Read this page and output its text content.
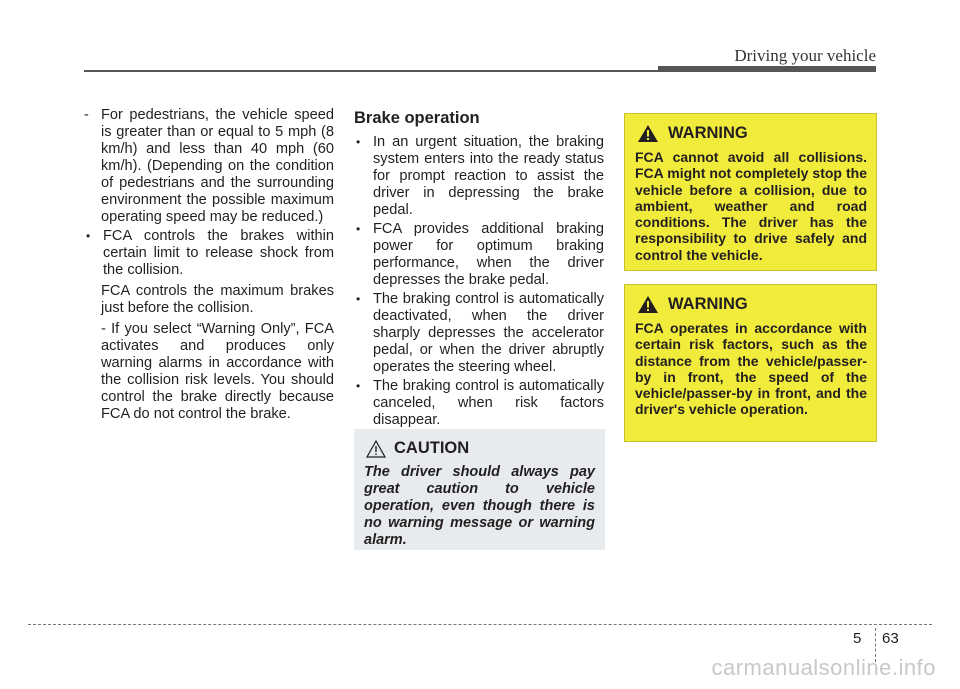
Driving your vehicle
- For pedestrians, the vehicle speed is greater than or equal to 5 mph (8 km/h) and less than 40 mph (60 km/h). (Depending on the condition of pedestrians and the surrounding environment the possible maximum operating speed may be reduced.)

• FCA controls the brakes within certain limit to release shock from the collision.

FCA controls the maximum brakes just before the collision.

- If you select “Warning Only”, FCA activates and produces only warning alarms in accordance with the collision risk levels. You should control the brake directly because FCA do not control the brake.

Brake operation

• In an urgent situation, the braking system enters into the ready status for prompt reaction to assist the driver in depressing the brake pedal.

• FCA provides additional braking power for optimum braking performance, when the driver depresses the brake pedal.

• The braking control is automatically deactivated, when the driver sharply depresses the accelerator pedal, or when the driver abruptly operates the steering wheel.

• The braking control is automatically canceled, when risk factors disappear.

CAUTION

The driver should always pay great caution to vehicle operation, even though there is no warning message or warning alarm.

WARNING

FCA cannot avoid all collisions. FCA might not completely stop the vehicle before a collision, due to ambient, weather and road conditions. The driver has the responsibility to drive safely and control the vehicle.

WARNING

FCA operates in accordance with certain risk factors, such as the distance from the vehicle/passer-by in front, the speed of the vehicle/passer-by in front, and the driver's vehicle operation.

5 63
carmanualsonline.info
